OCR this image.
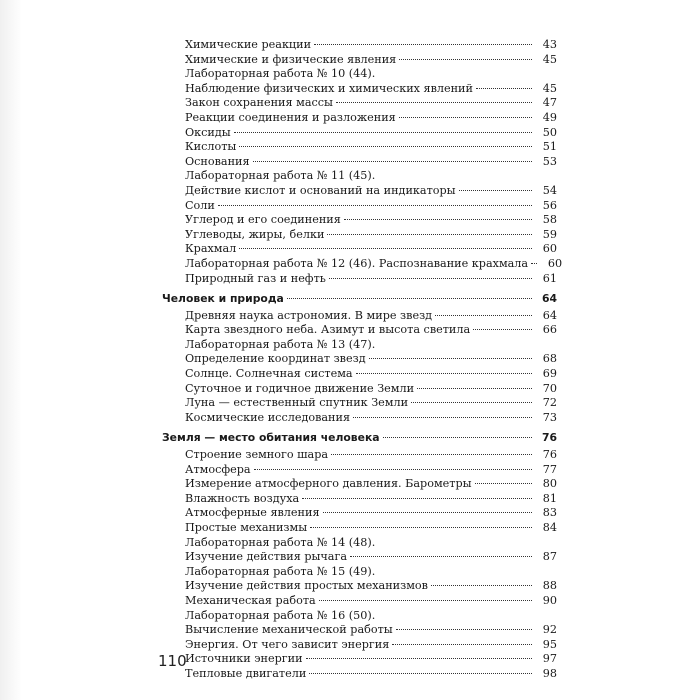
Химические реакции	43
Химические и физические явления	45
Лабораторная работа № 10 (44).
Наблюдение физических и химических явлений	45
Закон сохранения массы	47
Реакции соединения и разложения	49
Оксиды	50
Кислоты	51
Основания	53
Лабораторная работа № 11 (45).
Действие кислот и оснований на индикаторы	54
Соли	56
Углерод и его соединения	58
Углеводы, жиры, белки	59
Крахмал	60
Лабораторная работа № 12 (46). Распознавание крахмала	60
Природный газ и нефть	61
Человек и природа	64
Древняя наука астрономия. В мире звезд	64
Карта звездного неба. Азимут и высота светила	66
Лабораторная работа № 13 (47).
Определение координат звезд	68
Солнце. Солнечная система	69
Суточное и годичное движение Земли	70
Луна — естественный спутник Земли	72
Космические исследования	73
Земля — место обитания человека	76
Строение земного шара	76
Атмосфера	77
Измерение атмосферного давления. Барометры	80
Влажность воздуха	81
Атмосферные явления	83
Простые механизмы	84
Лабораторная работа № 14 (48).
Изучение действия рычага	87
Лабораторная работа № 15 (49).
Изучение действия простых механизмов	88
Механическая работа	90
Лабораторная работа № 16 (50).
Вычисление механической работы	92
Энергия. От чего зависит энергия	95
Источники энергии	97
Тепловые двигатели	98
110
